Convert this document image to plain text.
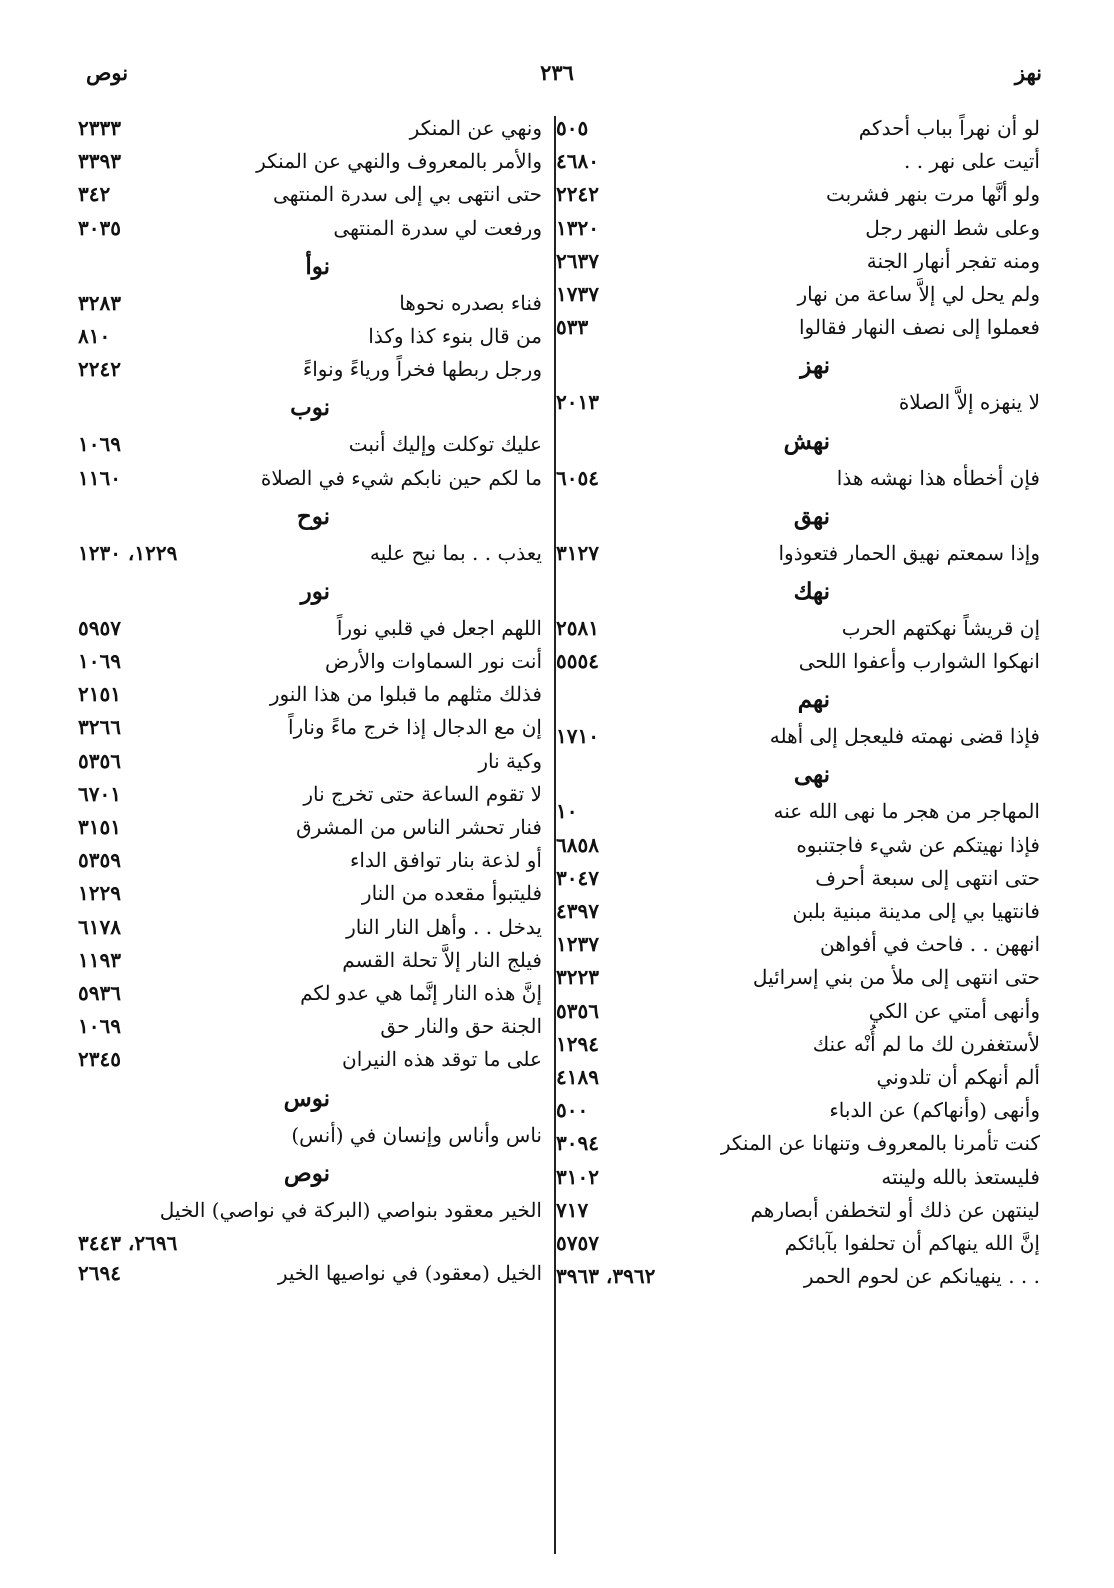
نهز
٢٣٦
نوص
لو أن نهراً بباب أحدكم
٥٠٥
أتيت على نهر . .
٤٦٨٠
ولو أنَّها مرت بنهر فشربت
٢٢٤٢
وعلى شط النهر رجل
١٣٢٠
ومنه تفجر أنهار الجنة
٢٦٣٧
ولم يحل لي إلاَّ ساعة من نهار
١٧٣٧
فعملوا إلى نصف النهار فقالوا
٥٣٣
نهز
لا ينهزه إلاَّ الصلاة
٢٠١٣
نهش
فإن أخطأه هذا نهشه هذا
٦٠٥٤
نهق
وإذا سمعتم نهيق الحمار فتعوذوا
٣١٢٧
نهك
إن قريشاً نهكتهم الحرب
٢٥٨١
انهكوا الشوارب وأعفوا اللحى
٥٥٥٤
نهم
فإذا قضى نهمته فليعجل إلى أهله
١٧١٠
نهى
المهاجر من هجر ما نهى الله عنه
١٠
فإذا نهيتكم عن شيء فاجتنبوه
٦٨٥٨
حتى انتهى إلى سبعة أحرف
٣٠٤٧
فانتهيا بي إلى مدينة مبنية بلبن
٤٣٩٧
انههن . . فاحث في أفواهن
١٢٣٧
حتى انتهى إلى ملأ من بني إسرائيل
٣٢٢٣
وأنهى أمتي عن الكي
٥٣٥٦
لأستغفرن لك ما لم أُنْه عنك
١٢٩٤
ألم أنهكم أن تلدوني
٤١٨٩
وأنهى (وأنهاكم) عن الدباء
٥٠٠
كنت تأمرنا بالمعروف وتنهانا عن المنكر
٣٠٩٤
فليستعذ بالله ولينته
٣١٠٢
لينتهن عن ذلك أو لتخطفن أبصارهم
٧١٧
إنَّ الله ينهاكم أن تحلفوا بآبائكم
٥٧٥٧
. . . ينهيانكم عن لحوم الحمر
٣٩٦٢، ٣٩٦٣
ونهي عن المنكر
٢٣٣٣
والأمر بالمعروف والنهي عن المنكر
٣٣٩٣
حتى انتهى بي إلى سدرة المنتهى
٣٤٢
ورفعت لي سدرة المنتهى
٣٠٣٥
نوأ
فناء بصدره نحوها
٣٢٨٣
من قال بنوء كذا وكذا
٨١٠
ورجل ربطها فخراً ورياءً ونواءً
٢٢٤٢
نوب
عليك توكلت وإليك أنبت
١٠٦٩
ما لكم حين نابكم شيء في الصلاة
١١٦٠
نوح
يعذب . . بما نيح عليه
١٢٢٩، ١٢٣٠
نور
اللهم اجعل في قلبي نوراً
٥٩٥٧
أنت نور السماوات والأرض
١٠٦٩
فذلك مثلهم ما قبلوا من هذا النور
٢١٥١
إن مع الدجال إذا خرج ماءً وناراً
٣٢٦٦
وكية نار
٥٣٥٦
لا تقوم الساعة حتى تخرج نار
٦٧٠١
فنار تحشر الناس من المشرق
٣١٥١
أو لذعة بنار توافق الداء
٥٣٥٩
فليتبوأ مقعده من النار
١٢٢٩
يدخل . . وأهل النار النار
٦١٧٨
فيلج النار إلاَّ تحلة القسم
١١٩٣
إنَّ هذه النار إنَّما هي عدو لكم
٥٩٣٦
الجنة حق والنار حق
١٠٦٩
على ما توقد هذه النيران
٢٣٤٥
نوس
ناس وأناس وإنسان في (أنس)
نوص
الخير معقود بنواصي (البركة في نواصي) الخيل
٢٦٩٦، ٣٤٤٣
الخيل (معقود) في نواصيها الخير
٢٦٩٤
